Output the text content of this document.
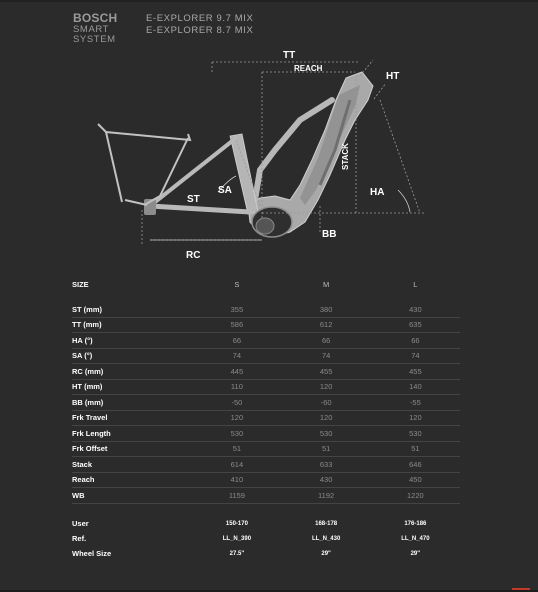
BOSCH
SMART
SYSTEM
E-EXPLORER 9.7 MIX
E-EXPLORER 8.7 MIX
TT
REACH
HT
STACK
SA
ST
HA
BB
RC
SIZE	S	M	L

ST (mm)	355	380	430
TT (mm)	586	612	635
HA (°)	66	66	66
SA (°)	74	74	74
RC (mm)	445	455	455
HT (mm)	110	120	140
BB (mm)	-50	-60	-55
Frk Travel	120	120	120
Frk Length	530	530	530
Frk Offset	51	51	51
Stack	614	633	646
Reach	410	430	450
WB	1159	1192	1220
User	150-170	168-178	176-186
Ref.	LL_N_390	LL_N_430	LL_N_470
Wheel Size	27.5"	29"	29"
